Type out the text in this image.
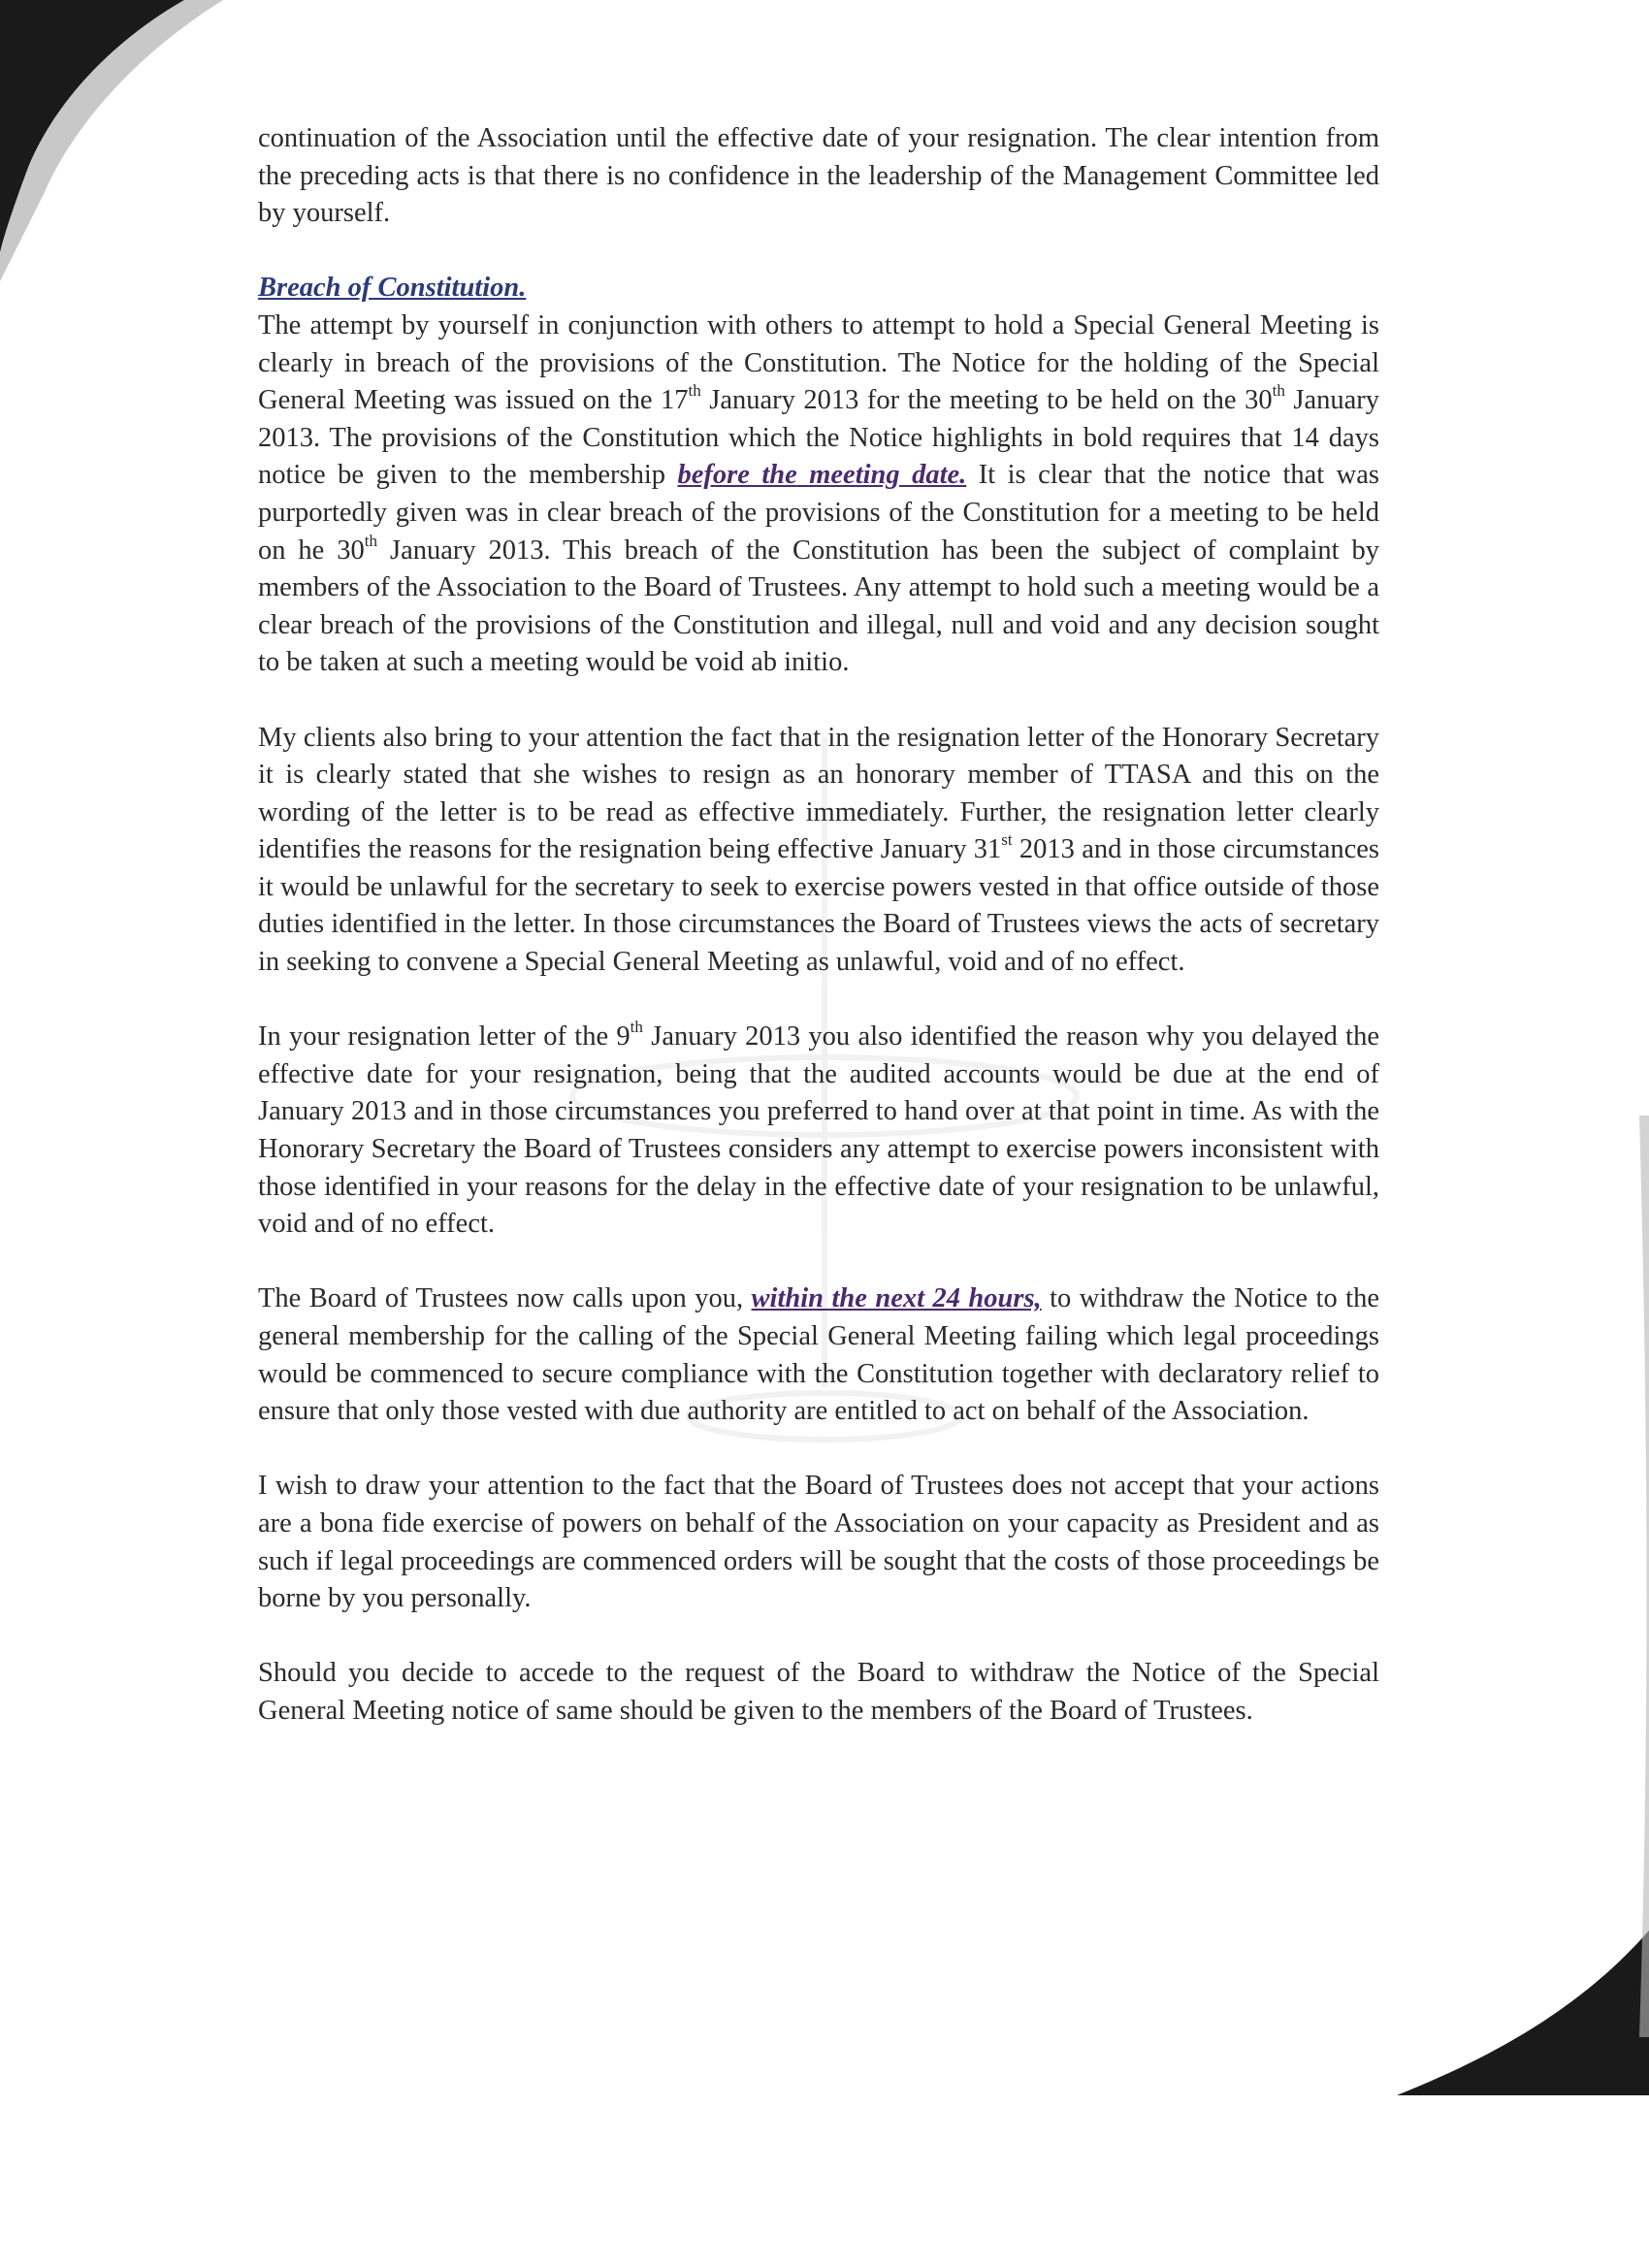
continuation of the Association until the effective date of your resignation. The clear intention from the preceding acts is that there is no confidence in the leadership of the Management Committee led by yourself.

Breach of Constitution.
The attempt by yourself in conjunction with others to attempt to hold a Special General Meeting is clearly in breach of the provisions of the Constitution. The Notice for the holding of the Special General Meeting was issued on the 17th January 2013 for the meeting to be held on the 30th January 2013. The provisions of the Constitution which the Notice highlights in bold requires that 14 days notice be given to the membership before the meeting date. It is clear that the notice that was purportedly given was in clear breach of the provisions of the Constitution for a meeting to be held on he 30th January 2013. This breach of the Constitution has been the subject of complaint by members of the Association to the Board of Trustees. Any attempt to hold such a meeting would be a clear breach of the provisions of the Constitution and illegal, null and void and any decision sought to be taken at such a meeting would be void ab initio.

My clients also bring to your attention the fact that in the resignation letter of the Honorary Secretary it is clearly stated that she wishes to resign as an honorary member of TTASA and this on the wording of the letter is to be read as effective immediately. Further, the resignation letter clearly identifies the reasons for the resignation being effective January 31st 2013 and in those circumstances it would be unlawful for the secretary to seek to exercise powers vested in that office outside of those duties identified in the letter. In those circumstances the Board of Trustees views the acts of secretary in seeking to convene a Special General Meeting as unlawful, void and of no effect.

In your resignation letter of the 9th January 2013 you also identified the reason why you delayed the effective date for your resignation, being that the audited accounts would be due at the end of January 2013 and in those circumstances you preferred to hand over at that point in time. As with the Honorary Secretary the Board of Trustees considers any attempt to exercise powers inconsistent with those identified in your reasons for the delay in the effective date of your resignation to be unlawful, void and of no effect.

The Board of Trustees now calls upon you, within the next 24 hours, to withdraw the Notice to the general membership for the calling of the Special General Meeting failing which legal proceedings would be commenced to secure compliance with the Constitution together with declaratory relief to ensure that only those vested with due authority are entitled to act on behalf of the Association.

I wish to draw your attention to the fact that the Board of Trustees does not accept that your actions are a bona fide exercise of powers on behalf of the Association on your capacity as President and as such if legal proceedings are commenced orders will be sought that the costs of those proceedings be borne by you personally.

Should you decide to accede to the request of the Board to withdraw the Notice of the Special General Meeting notice of same should be given to the members of the Board of Trustees.
